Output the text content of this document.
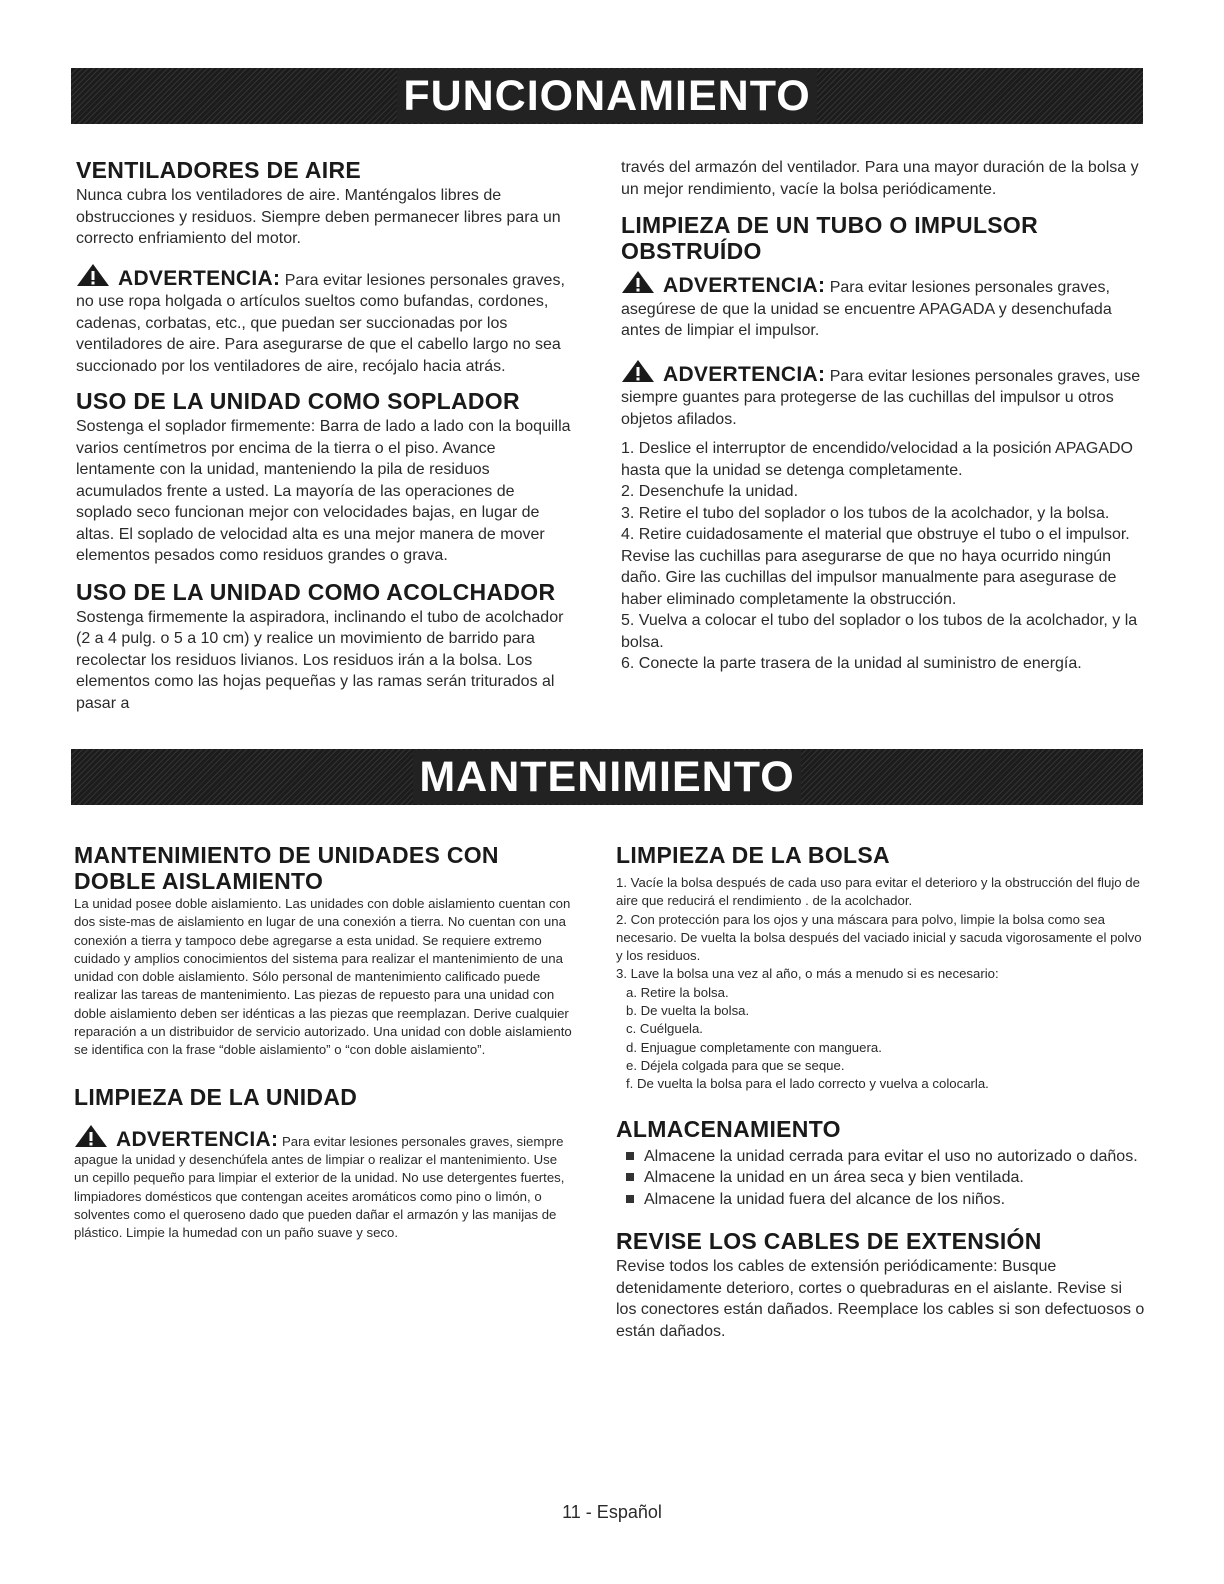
FUNCIONAMIENTO
VENTILADORES DE AIRE

Nunca cubra los ventiladores de aire. Manténgalos libres de obstrucciones y residuos. Siempre deben permanecer libres para un correcto enfriamiento del motor.

ADVERTENCIA: Para evitar lesiones personales graves, no use ropa holgada o artículos sueltos como bufandas, cordones, cadenas, corbatas, etc., que puedan ser succionadas por los ventiladores de aire. Para asegurarse de que el cabello largo no sea succionado por los ventiladores de aire, recójalo hacia atrás.

USO DE LA UNIDAD COMO SOPLADOR

Sostenga el soplador firmemente: Barra de lado a lado con la boquilla varios centímetros por encima de la tierra o el piso. Avance lentamente con la unidad, manteniendo la pila de residuos acumulados frente a usted. La mayoría de las operaciones de soplado seco funcionan mejor con velocidades bajas, en lugar de altas. El soplado de velocidad alta es una mejor manera de mover elementos pesados como residuos grandes o grava.

USO DE LA UNIDAD COMO ACOLCHADOR

Sostenga firmemente la aspiradora, inclinando el tubo de acolchador (2 a 4 pulg. o 5 a 10 cm) y realice un movimiento de barrido para recolectar los residuos livianos. Los residuos irán a la bolsa. Los elementos como las hojas pequeñas y las ramas serán triturados al pasar a

través del armazón del ventilador. Para una mayor duración de la bolsa y un mejor rendimiento, vacíe la bolsa periódicamente.

LIMPIEZA DE UN TUBO O IMPULSOR OBSTRUÍDO

ADVERTENCIA: Para evitar lesiones personales graves, asegúrese de que la unidad se encuentre APAGADA y desenchufada antes de limpiar el impulsor.

ADVERTENCIA: Para evitar lesiones personales graves, use siempre guantes para protegerse de las cuchillas del impulsor u otros objetos afilados.

1. Deslice el interruptor de encendido/velocidad a la posición APAGADO hasta que la unidad se detenga completamente.

2. Desenchufe la unidad.

3. Retire el tubo del soplador o los tubos de la acolchador, y la bolsa.

4. Retire cuidadosamente el material que obstruye el tubo o el impulsor. Revise las cuchillas para asegurarse de que no haya ocurrido ningún daño. Gire las cuchillas del impulsor manualmente para asegurase de haber eliminado completamente la obstrucción.

5. Vuelva a colocar el tubo del soplador o los tubos de la acolchador, y la bolsa.

6. Conecte la parte trasera de la unidad al suministro de energía.

MANTENIMIENTO
MANTENIMIENTO DE UNIDADES CON DOBLE AISLAMIENTO

La unidad posee doble aislamiento. Las unidades con doble aislamiento cuentan con dos siste-mas de aislamiento en lugar de una conexión a tierra. No cuentan con una conexión a tierra y tampoco debe agregarse a esta unidad. Se requiere extremo cuidado y amplios conocimientos del sistema para realizar el mantenimiento de una unidad con doble aislamiento. Sólo personal de mantenimiento calificado puede realizar las tareas de mantenimiento. Las piezas de repuesto para una unidad con doble aislamiento deben ser idénticas a las piezas que reemplazan. Derive cualquier reparación a un distribuidor de servicio autorizado. Una unidad con doble aislamiento se identifica con la frase “doble aislamiento” o “con doble aislamiento”.

LIMPIEZA DE LA UNIDAD

ADVERTENCIA: Para evitar lesiones personales graves, siempre apague la unidad y desenchúfela antes de limpiar o realizar el mantenimiento. Use un cepillo pequeño para limpiar el exterior de la unidad. No use detergentes fuertes, limpiadores domésticos que contengan aceites aromáticos como pino o limón, o solventes como el queroseno dado que pueden dañar el armazón y las manijas de plástico. Limpie la humedad con un paño suave y seco.

LIMPIEZA DE LA BOLSA

1. Vacíe la bolsa después de cada uso para evitar el deterioro y la obstrucción del flujo de aire que reducirá el rendimiento . de la acolchador.

2. Con protección para los ojos y una máscara para polvo, limpie la bolsa como sea necesario. De vuelta la bolsa después del vaciado inicial y sacuda vigorosamente el polvo y los residuos.

3. Lave la bolsa una vez al año, o más a menudo si es necesario:

a. Retire la bolsa.

b. De vuelta la bolsa.

c. Cuélguela.

d. Enjuague completamente con manguera.

e. Déjela colgada para que se seque.

f. De vuelta la bolsa para el lado correcto y vuelva a colocarla.

ALMACENAMIENTO

Almacene la unidad cerrada para evitar el uso no autorizado o daños.

Almacene la unidad en un área seca y bien ventilada.

Almacene la unidad fuera del alcance de los niños.

REVISE LOS CABLES DE EXTENSIÓN

Revise todos los cables de extensión periódicamente: Busque detenidamente deterioro, cortes o quebraduras en el aislante. Revise si los conectores están dañados. Reemplace los cables si son defectuosos o están dañados.

11 - Español
